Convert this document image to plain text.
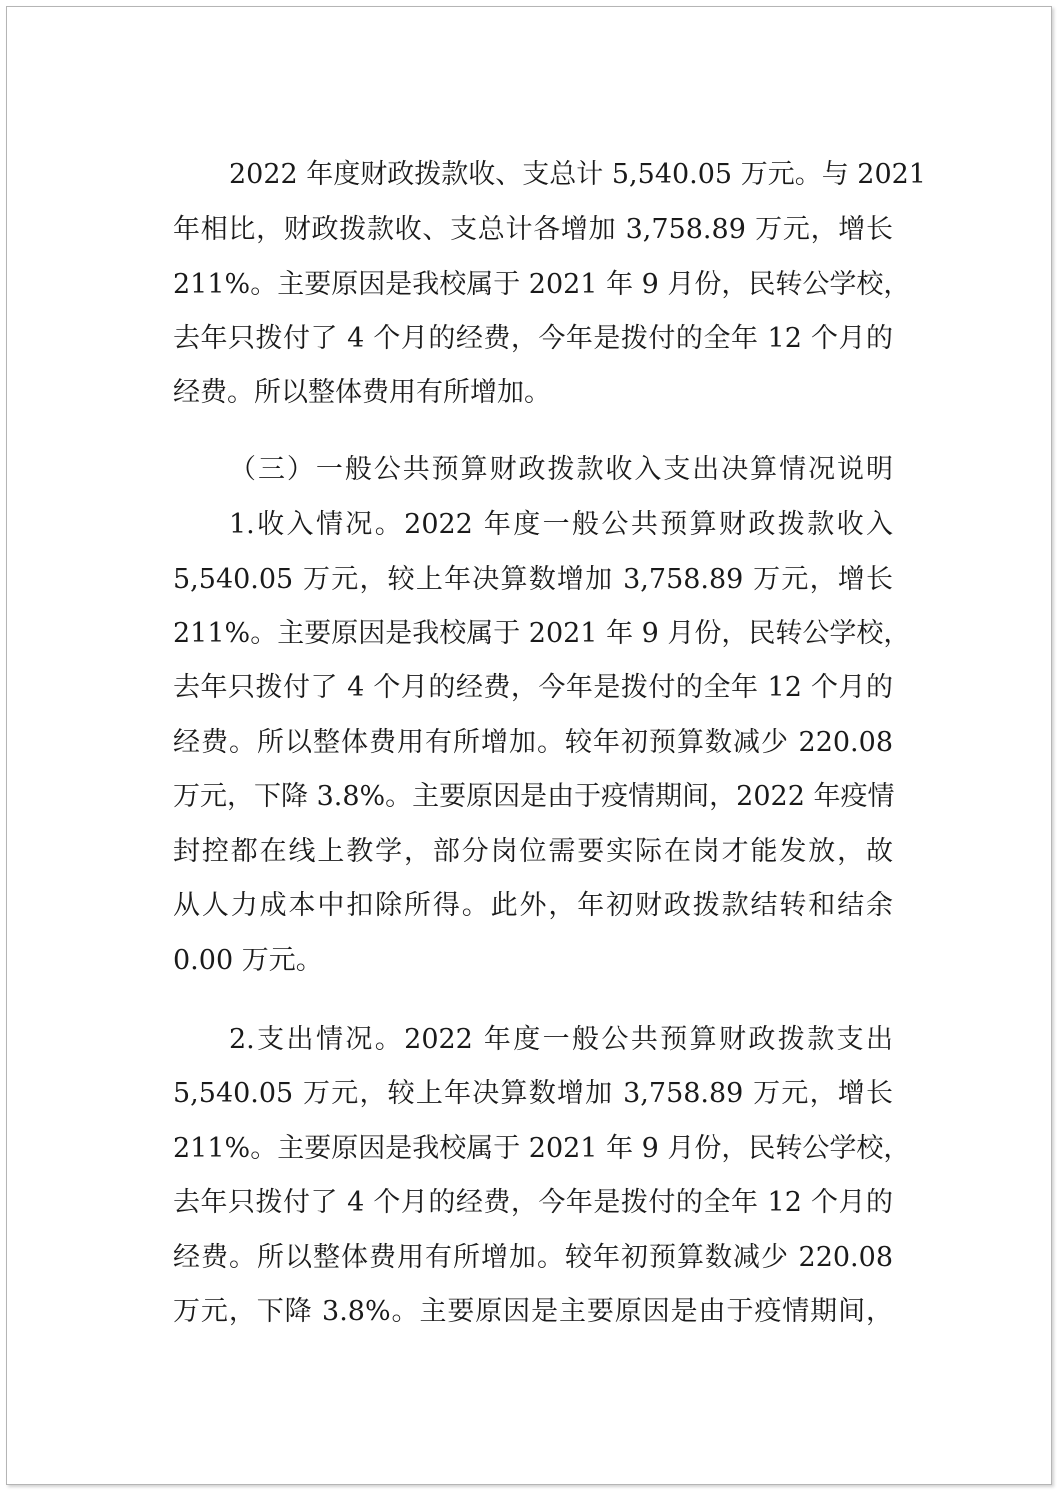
2022 年度财政拨款收、支总计 5,540.05 万元。与 2021
年相比，财政拨款收、支总计各增加 3,758.89 万元，增长
211%。主要原因是我校属于 2021 年 9 月份，民转公学校，
去年只拨付了 4 个月的经费，今年是拨付的全年 12 个月的
经费。所以整体费用有所增加。
（三）一般公共预算财政拨款收入支出决算情况说明
1.收入情况。2022 年度一般公共预算财政拨款收入
5,540.05 万元，较上年决算数增加 3,758.89 万元，增长
211%。主要原因是我校属于 2021 年 9 月份，民转公学校，
去年只拨付了 4 个月的经费，今年是拨付的全年 12 个月的
经费。所以整体费用有所增加。较年初预算数减少 220.08
万元，下降 3.8%。主要原因是由于疫情期间，2022 年疫情
封控都在线上教学，部分岗位需要实际在岗才能发放，故
从人力成本中扣除所得。此外，年初财政拨款结转和结余
0.00 万元。
2.支出情况。2022 年度一般公共预算财政拨款支出
5,540.05 万元，较上年决算数增加 3,758.89 万元，增长
211%。主要原因是我校属于 2021 年 9 月份，民转公学校，
去年只拨付了 4 个月的经费，今年是拨付的全年 12 个月的
经费。所以整体费用有所增加。较年初预算数减少 220.08
万元，下降 3.8%。主要原因是主要原因是由于疫情期间，
